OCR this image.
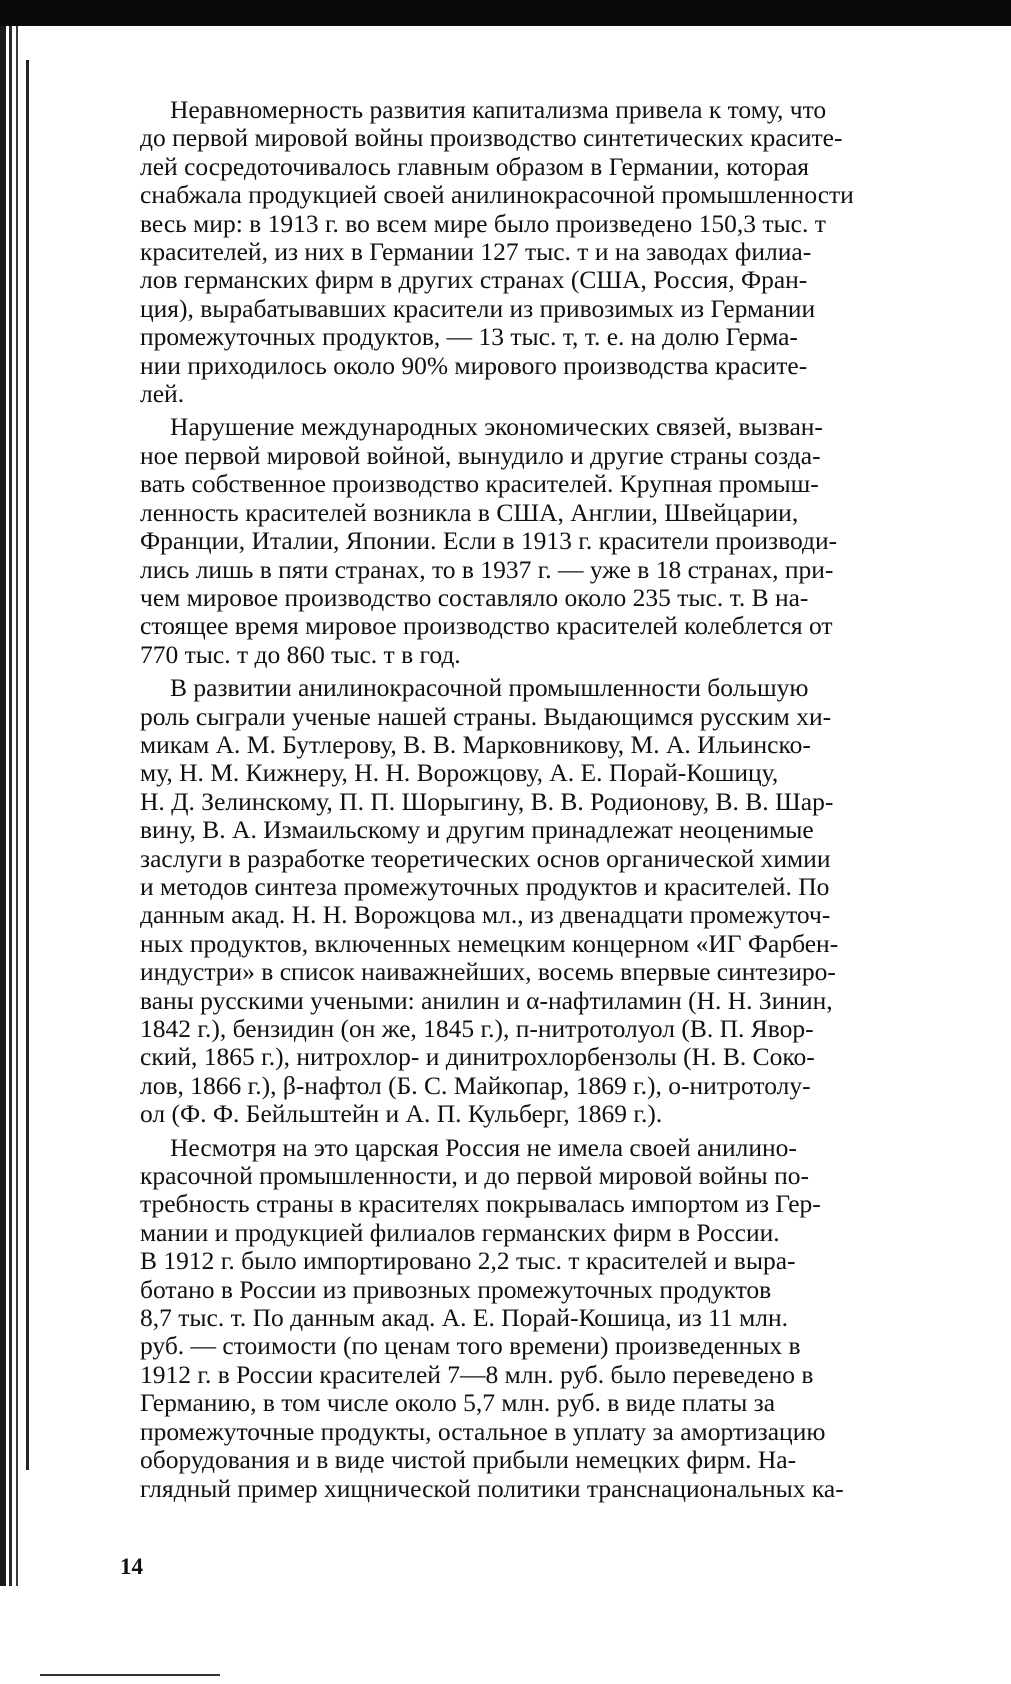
Неравномерность развития капитализма привела к тому, что
до первой мировой войны производство синтетических красите-
лей сосредоточивалось главным образом в Германии, которая
снабжала продукцией своей анилинокрасочной промышленности
весь мир: в 1913 г. во всем мире было произведено 150,3 тыс. т
красителей, из них в Германии 127 тыс. т и на заводах филиа-
лов германских фирм в других странах (США, Россия, Фран-
ция), вырабатывавших красители из привозимых из Германии
промежуточных продуктов, — 13 тыс. т, т. е. на долю Герма-
нии приходилось около 90% мирового производства красите-
лей.

Нарушение международных экономических связей, вызван-
ное первой мировой войной, вынудило и другие страны созда-
вать собственное производство красителей. Крупная промыш-
ленность красителей возникла в США, Англии, Швейцарии,
Франции, Италии, Японии. Если в 1913 г. красители производи-
лись лишь в пяти странах, то в 1937 г. — уже в 18 странах, при-
чем мировое производство составляло около 235 тыс. т. В на-
стоящее время мировое производство красителей колеблется от
770 тыс. т до 860 тыс. т в год.

В развитии анилинокрасочной промышленности большую
роль сыграли ученые нашей страны. Выдающимся русским хи-
микам А. М. Бутлерову, В. В. Марковникову, М. А. Ильинско-
му, Н. М. Кижнеру, Н. Н. Ворожцову, А. Е. Порай-Кошицу,
Н. Д. Зелинскому, П. П. Шорыгину, В. В. Родионову, В. В. Шар-
вину, В. А. Измаильскому и другим принадлежат неоценимые
заслуги в разработке теоретических основ органической химии
и методов синтеза промежуточных продуктов и красителей. По
данным акад. Н. Н. Ворожцова мл., из двенадцати промежуточ-
ных продуктов, включенных немецким концерном «ИГ Фарбен-
индустри» в список наиважнейших, восемь впервые синтезиро-
ваны русскими учеными: анилин и α-нафтиламин (Н. Н. Зинин,
1842 г.), бензидин (он же, 1845 г.), п-нитротолуол (В. П. Явор-
ский, 1865 г.), нитрохлор- и динитрохлорбензолы (Н. В. Соко-
лов, 1866 г.), β-нафтол (Б. С. Майкопар, 1869 г.), о-нитротолу-
ол (Ф. Ф. Бейльштейн и А. П. Кульберг, 1869 г.).

Несмотря на это царская Россия не имела своей анилино-
красочной промышленности, и до первой мировой войны по-
требность страны в красителях покрывалась импортом из Гер-
мании и продукцией филиалов германских фирм в России.
В 1912 г. было импортировано 2,2 тыс. т красителей и выра-
ботано в России из привозных промежуточных продуктов
8,7 тыс. т. По данным акад. А. Е. Порай-Кошица, из 11 млн.
руб. — стоимости (по ценам того времени) произведенных в
1912 г. в России красителей 7—8 млн. руб. было переведено в
Германию, в том числе около 5,7 млн. руб. в виде платы за
промежуточные продукты, остальное в уплату за амортизацию
оборудования и в виде чистой прибыли немецких фирм. На-
глядный пример хищнической политики транснациональных ка-

14
